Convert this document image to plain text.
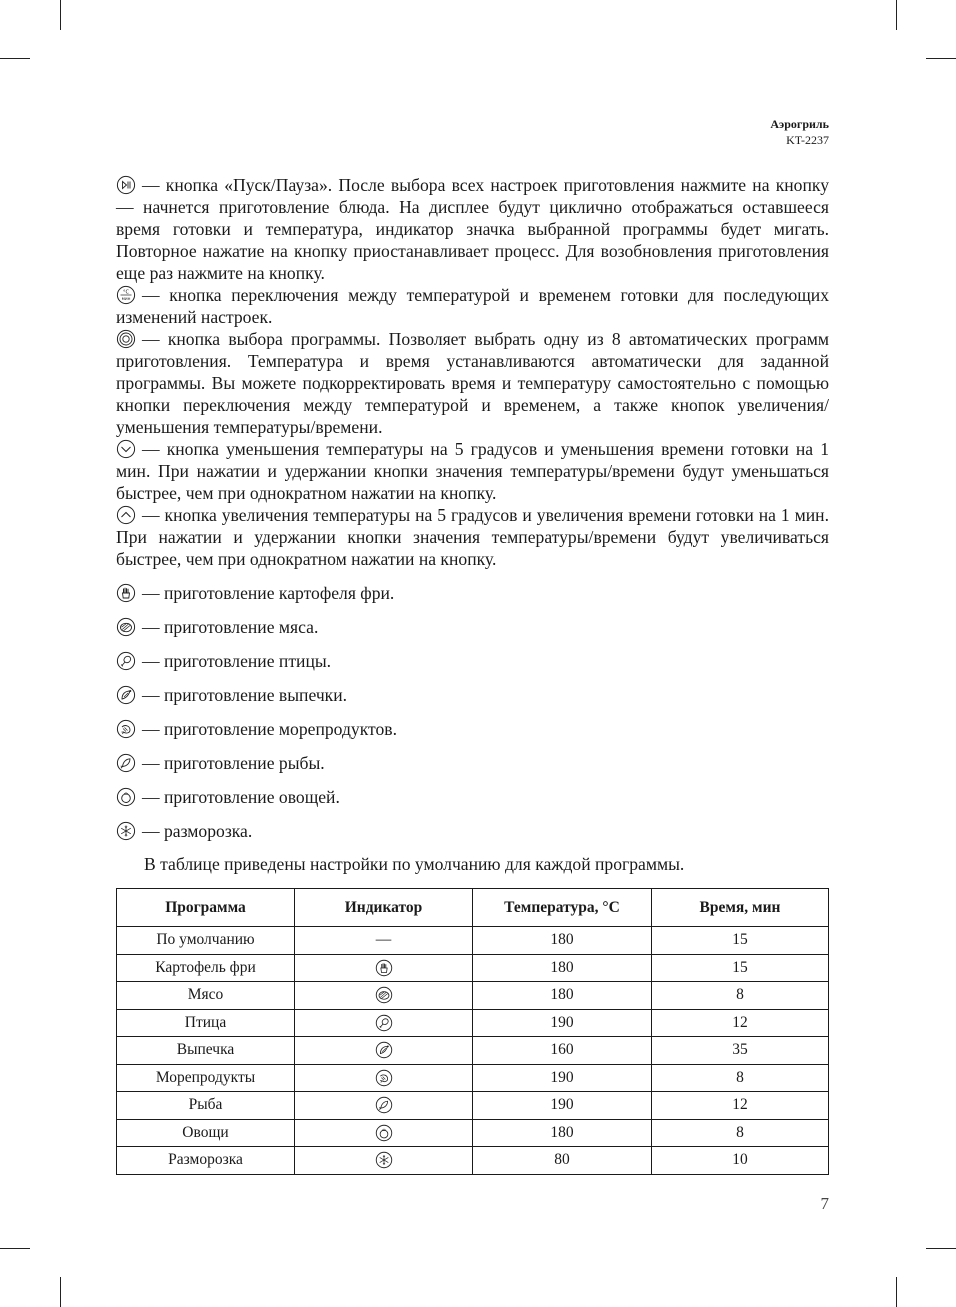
Аэрогриль
KT-2237

— кнопка «Пуск/Пауза». После выбора всех настроек приготовления нажмите на кнопку — начнется приготовление блюда. На дисплее будут циклично отображаться оставшееся время готовки и температура, индикатор значка выбранной программы будет мигать. Повторное нажатие на кнопку приостанавливает процесс. Для возобновления приготовления еще раз нажмите на кнопку.

°C
мин — кнопка переключения между температурой и временем готовки для последующих изменений настроек.

— кнопка выбора программы. Позволяет выбрать одну из 8 автоматических программ приготовления. Температура и время устанавливаются автоматически для заданной программы. Вы можете подкорректировать время и температуру самостоятельно с помощью кнопки переключения между температурой и временем, а также кнопок увеличения/уменьшения температуры/времени.

— кнопка уменьшения температуры на 5 градусов и уменьшения времени готовки на 1 мин. При нажатии и удержании кнопки значения температуры/времени будут уменьшаться быстрее, чем при однократном нажатии на кнопку.

— кнопка увеличения температуры на 5 градусов и увеличения времени готовки на 1 мин. При нажатии и удержании кнопки значения температуры/времени будут увеличиваться быстрее, чем при однократном нажатии на кнопку.

— приготовление картофеля фри.

— приготовление мяса.

— приготовление птицы.

— приготовление выпечки.

— приготовление морепродуктов.

— приготовление рыбы.

— приготовление овощей.

— разморозка.

В таблице приведены настройки по умолчанию для каждой программы.

Программа	Индикатор	Температура, °C	Время, мин
По умолчанию	—	180	15
Картофель фри		180	15
Мясо		180	8
Птица		190	12
Выпечка		160	35
Морепродукты		190	8
Рыба		190	12
Овощи		180	8
Разморозка		80	10
7
